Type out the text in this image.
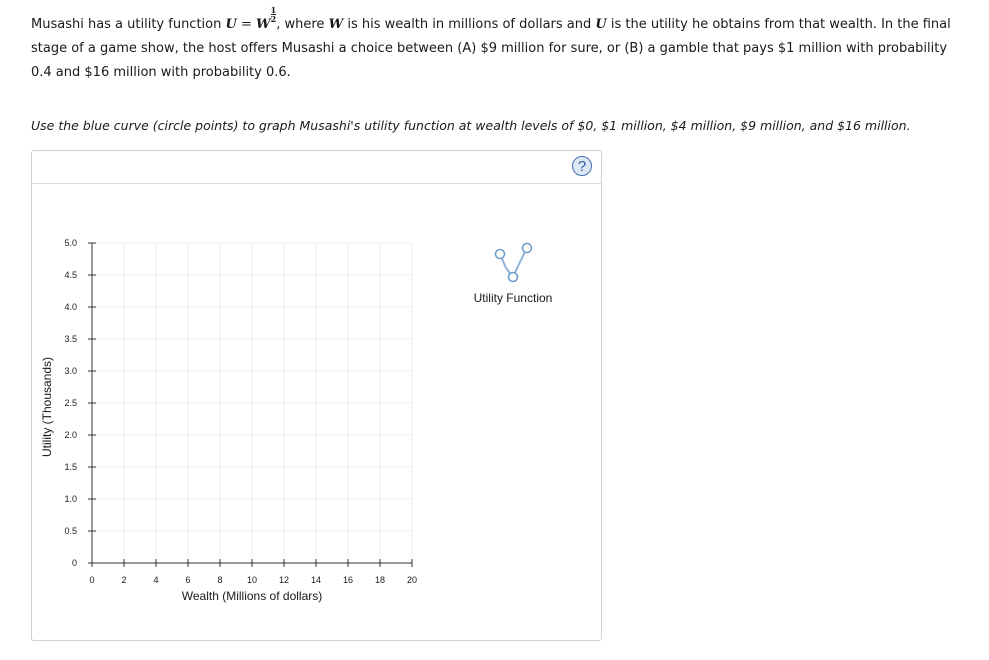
Musashi has a utility function U = W
$\frac{1}{2}$
, where W is his wealth in millions of dollars and U is the utility he obtains from that wealth. In the final stage of a game show, the host offers Musashi a choice between (A) $9 million for sure, or (B) a gamble that pays $1 million with probability 0.4 and $16 million with probability 0.6.
Use the blue curve (circle points) to graph Musashi's utility function at wealth levels of $0, $1 million, $4 million, $9 million, and $16 million.
?
0	2	4	6	8	10 12 14 16 18 20
0
0.5
1.0
1.5
2.0
2.5
3.0
3.5
4.0
4.5
5.0
Wealth (Millions of dollars)
Utility (Thousands)
Utility Function
